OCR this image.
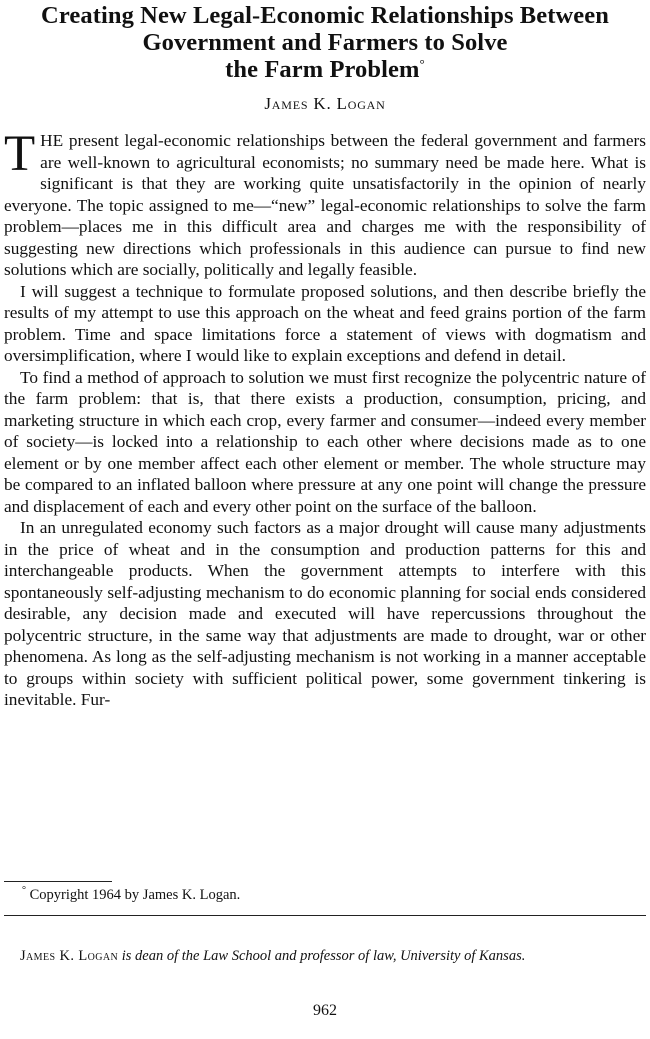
Creating New Legal-Economic Relationships Between
Government and Farmers to Solve
the Farm Problem°
James K. Logan

THE present legal-economic relationships between the federal government and farmers are well-known to agricultural economists; no summary need be made here. What is significant is that they are working quite unsatisfactorily in the opinion of nearly everyone. The topic assigned to me—“new” legal-economic relationships to solve the farm problem—places me in this difficult area and charges me with the responsibility of suggesting new directions which professionals in this audience can pursue to find new solutions which are socially, politically and legally feasible.

I will suggest a technique to formulate proposed solutions, and then describe briefly the results of my attempt to use this approach on the wheat and feed grains portion of the farm problem. Time and space limitations force a statement of views with dogmatism and oversimplification, where I would like to explain exceptions and defend in detail.

To find a method of approach to solution we must first recognize the polycentric nature of the farm problem: that is, that there exists a production, consumption, pricing, and marketing structure in which each crop, every farmer and consumer—indeed every member of society—is locked into a relationship to each other where decisions made as to one element or by one member affect each other element or member. The whole structure may be compared to an inflated balloon where pressure at any one point will change the pressure and displacement of each and every other point on the surface of the balloon.

In an unregulated economy such factors as a major drought will cause many adjustments in the price of wheat and in the consumption and production patterns for this and interchangeable products. When the government attempts to interfere with this spontaneously self-adjusting mechanism to do economic planning for social ends considered desirable, any decision made and executed will have repercussions throughout the polycentric structure, in the same way that adjustments are made to drought, war or other phenomena. As long as the self-adjusting mechanism is not working in a manner acceptable to groups within society with sufficient political power, some government tinkering is inevitable. Fur-

° Copyright 1964 by James K. Logan.
James K. Logan is dean of the Law School and professor of law, University of Kansas.
962
